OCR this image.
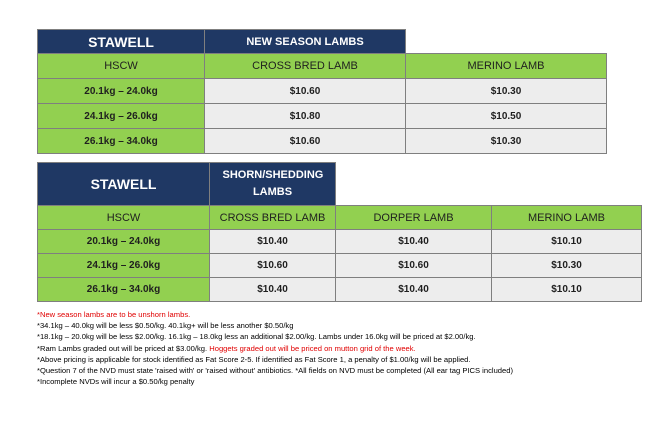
STAWELL	NEW SEASON LAMBS	
HSCW	CROSS BRED LAMB	MERINO LAMB
20.1kg – 24.0kg	$10.60	$10.30
24.1kg – 26.0kg	$10.80	$10.50
26.1kg – 34.0kg	$10.60	$10.30
STAWELL	SHORN/SHEDDING LAMBS		

HSCW	CROSS BRED LAMB	DORPER LAMB	MERINO LAMB
20.1kg – 24.0kg	$10.40	$10.40	$10.10
24.1kg – 26.0kg	$10.60	$10.60	$10.30
26.1kg – 34.0kg	$10.40	$10.40	$10.10
*New season lambs are to be unshorn lambs.
*34.1kg – 40.0kg will be less $0.50/kg. 40.1kg+ will be less another $0.50/kg
*18.1kg – 20.0kg will be less $2.00/kg. 16.1kg – 18.0kg less an additional $2.00/kg. Lambs under 16.0kg will be priced at $2.00/kg.
*Ram Lambs graded out will be priced at $3.00/kg. Hoggets graded out will be priced on mutton grid of the week.
*Above pricing is applicable for stock identified as Fat Score 2-5. If identified as Fat Score 1, a penalty of $1.00/kg will be applied.
*Question 7 of the NVD must state 'raised with' or 'raised without' antibiotics. *All fields on NVD must be completed (All ear tag PICS included)
*Incomplete NVDs will incur a $0.50/kg penalty
